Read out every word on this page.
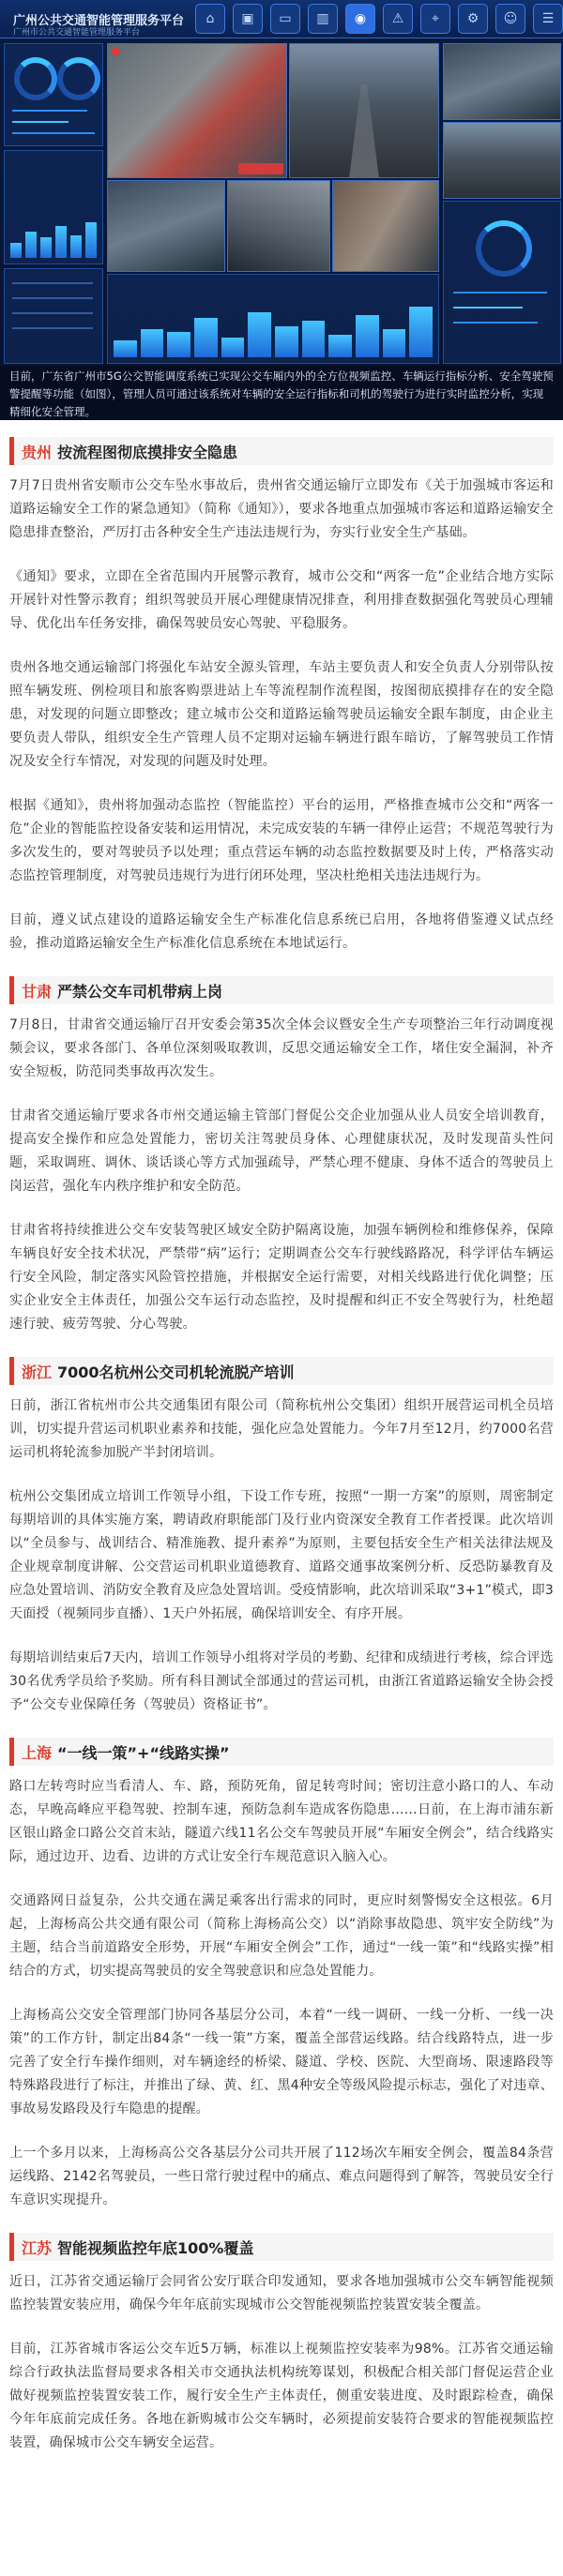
广州公共交通智能管理服务平台	⌂	▣	▭	▥	◉	⚠	⌖	⚙	☺	☰
广州市公共交通智能管理服务平台
目前，广东省广州市5G公交智能调度系统已实现公交车厢内外的全方位视频监控、车辆运行指标分析、安全驾驶预警提醒等功能（如图），管理人员可通过该系统对车辆的安全运行指标和司机的驾驶行为进行实时监控分析，实现精细化安全管理。
贵州 按流程图彻底摸排安全隐患

7月7日贵州省安顺市公交车坠水事故后，贵州省交通运输厅立即发布《关于加强城市客运和道路运输安全工作的紧急通知》（简称《通知》），要求各地重点加强城市客运和道路运输安全隐患排查整治，严厉打击各种安全生产违法违规行为，夯实行业安全生产基础。

《通知》要求，立即在全省范围内开展警示教育，城市公交和“两客一危”企业结合地方实际开展针对性警示教育；组织驾驶员开展心理健康情况排查，利用排查数据强化驾驶员心理辅导、优化出车任务安排，确保驾驶员安心驾驶、平稳服务。

贵州各地交通运输部门将强化车站安全源头管理，车站主要负责人和安全负责人分别带队按照车辆发班、例检项目和旅客购票进站上车等流程制作流程图，按图彻底摸排存在的安全隐患，对发现的问题立即整改；建立城市公交和道路运输驾驶员运输安全跟车制度，由企业主要负责人带队，组织安全生产管理人员不定期对运输车辆进行跟车暗访，了解驾驶员工作情况及安全行车情况，对发现的问题及时处理。

根据《通知》，贵州将加强动态监控（智能监控）平台的运用，严格推查城市公交和“两客一危”企业的智能监控设备安装和运用情况，未完成安装的车辆一律停止运营；不规范驾驶行为多次发生的，要对驾驶员予以处理；重点营运车辆的动态监控数据要及时上传，严格落实动态监控管理制度，对驾驶员违规行为进行闭环处理，坚决杜绝相关违法违规行为。

目前，遵义试点建设的道路运输安全生产标准化信息系统已启用，各地将借鉴遵义试点经验，推动道路运输安全生产标准化信息系统在本地试运行。

甘肃 严禁公交车司机带病上岗

7月8日，甘肃省交通运输厅召开安委会第35次全体会议暨安全生产专项整治三年行动调度视频会议，要求各部门、各单位深刻吸取教训，反思交通运输安全工作，堵住安全漏洞，补齐安全短板，防范同类事故再次发生。

甘肃省交通运输厅要求各市州交通运输主管部门督促公交企业加强从业人员安全培训教育，提高安全操作和应急处置能力，密切关注驾驶员身体、心理健康状况，及时发现苗头性问题，采取调班、调休、谈话谈心等方式加强疏导，严禁心理不健康、身体不适合的驾驶员上岗运营，强化车内秩序维护和安全防范。

甘肃省将持续推进公交车安装驾驶区域安全防护隔离设施，加强车辆例检和维修保养，保障车辆良好安全技术状况，严禁带“病”运行；定期调查公交车行驶线路路况，科学评估车辆运行安全风险，制定落实风险管控措施，并根据安全运行需要，对相关线路进行优化调整；压实企业安全主体责任，加强公交车运行动态监控，及时提醒和纠正不安全驾驶行为，杜绝超速行驶、疲劳驾驶、分心驾驶。

浙江 7000名杭州公交司机轮流脱产培训

日前，浙江省杭州市公共交通集团有限公司（简称杭州公交集团）组织开展营运司机全员培训，切实提升营运司机职业素养和技能，强化应急处置能力。今年7月至12月，约7000名营运司机将轮流参加脱产半封闭培训。

杭州公交集团成立培训工作领导小组，下设工作专班，按照“一期一方案”的原则，周密制定每期培训的具体实施方案，聘请政府职能部门及行业内资深安全教育工作者授课。此次培训以“全员参与、战训结合、精准施教、提升素养”为原则，主要包括安全生产相关法律法规及企业规章制度讲解、公交营运司机职业道德教育、道路交通事故案例分析、反恐防暴教育及应急处置培训、消防安全教育及应急处置培训。受疫情影响，此次培训采取“3+1”模式，即3天面授（视频同步直播）、1天户外拓展，确保培训安全、有序开展。

每期培训结束后7天内，培训工作领导小组将对学员的考勤、纪律和成绩进行考核，综合评选30名优秀学员给予奖励。所有科目测试全部通过的营运司机，由浙江省道路运输安全协会授予“公交专业保障任务（驾驶员）资格证书”。

上海 “一线一策”+“线路实操”

路口左转弯时应当看清人、车、路，预防死角，留足转弯时间；密切注意小路口的人、车动态，早晚高峰应平稳驾驶、控制车速，预防急刹车造成客伤隐患……日前，在上海市浦东新区银山路金口路公交首末站，隧道六线11名公交车驾驶员开展“车厢安全例会”，结合线路实际，通过边开、边看、边讲的方式让安全行车规范意识入脑入心。

交通路网日益复杂，公共交通在满足乘客出行需求的同时，更应时刻警惕安全这根弦。6月起，上海杨高公共交通有限公司（简称上海杨高公交）以“消除事故隐患、筑牢安全防线”为主题，结合当前道路安全形势，开展“车厢安全例会”工作，通过“一线一策”和“线路实操”相结合的方式，切实提高驾驶员的安全驾驶意识和应急处置能力。

上海杨高公交安全管理部门协同各基层分公司，本着“一线一调研、一线一分析、一线一决策”的工作方针，制定出84条“一线一策”方案，覆盖全部营运线路。结合线路特点，进一步完善了安全行车操作细则，对车辆途经的桥梁、隧道、学校、医院、大型商场、限速路段等特殊路段进行了标注，并推出了绿、黄、红、黑4种安全等级风险提示标志，强化了对违章、事故易发路段及行车隐患的提醒。

上一个多月以来，上海杨高公交各基层分公司共开展了112场次车厢安全例会，覆盖84条营运线路、2142名驾驶员，一些日常行驶过程中的痛点、难点问题得到了解答，驾驶员安全行车意识实现提升。

江苏 智能视频监控年底100%覆盖

近日，江苏省交通运输厅会同省公安厅联合印发通知，要求各地加强城市公交车辆智能视频监控装置安装应用，确保今年年底前实现城市公交智能视频监控装置安装全覆盖。

目前，江苏省城市客运公交车近5万辆，标准以上视频监控安装率为98%。江苏省交通运输综合行政执法监督局要求各相关市交通执法机构统筹谋划，积极配合相关部门督促运营企业做好视频监控装置安装工作，履行安全生产主体责任，侧重安装进度、及时跟踪检查，确保今年年底前完成任务。各地在新购城市公交车辆时，必须提前安装符合要求的智能视频监控装置，确保城市公交车辆安全运营。
